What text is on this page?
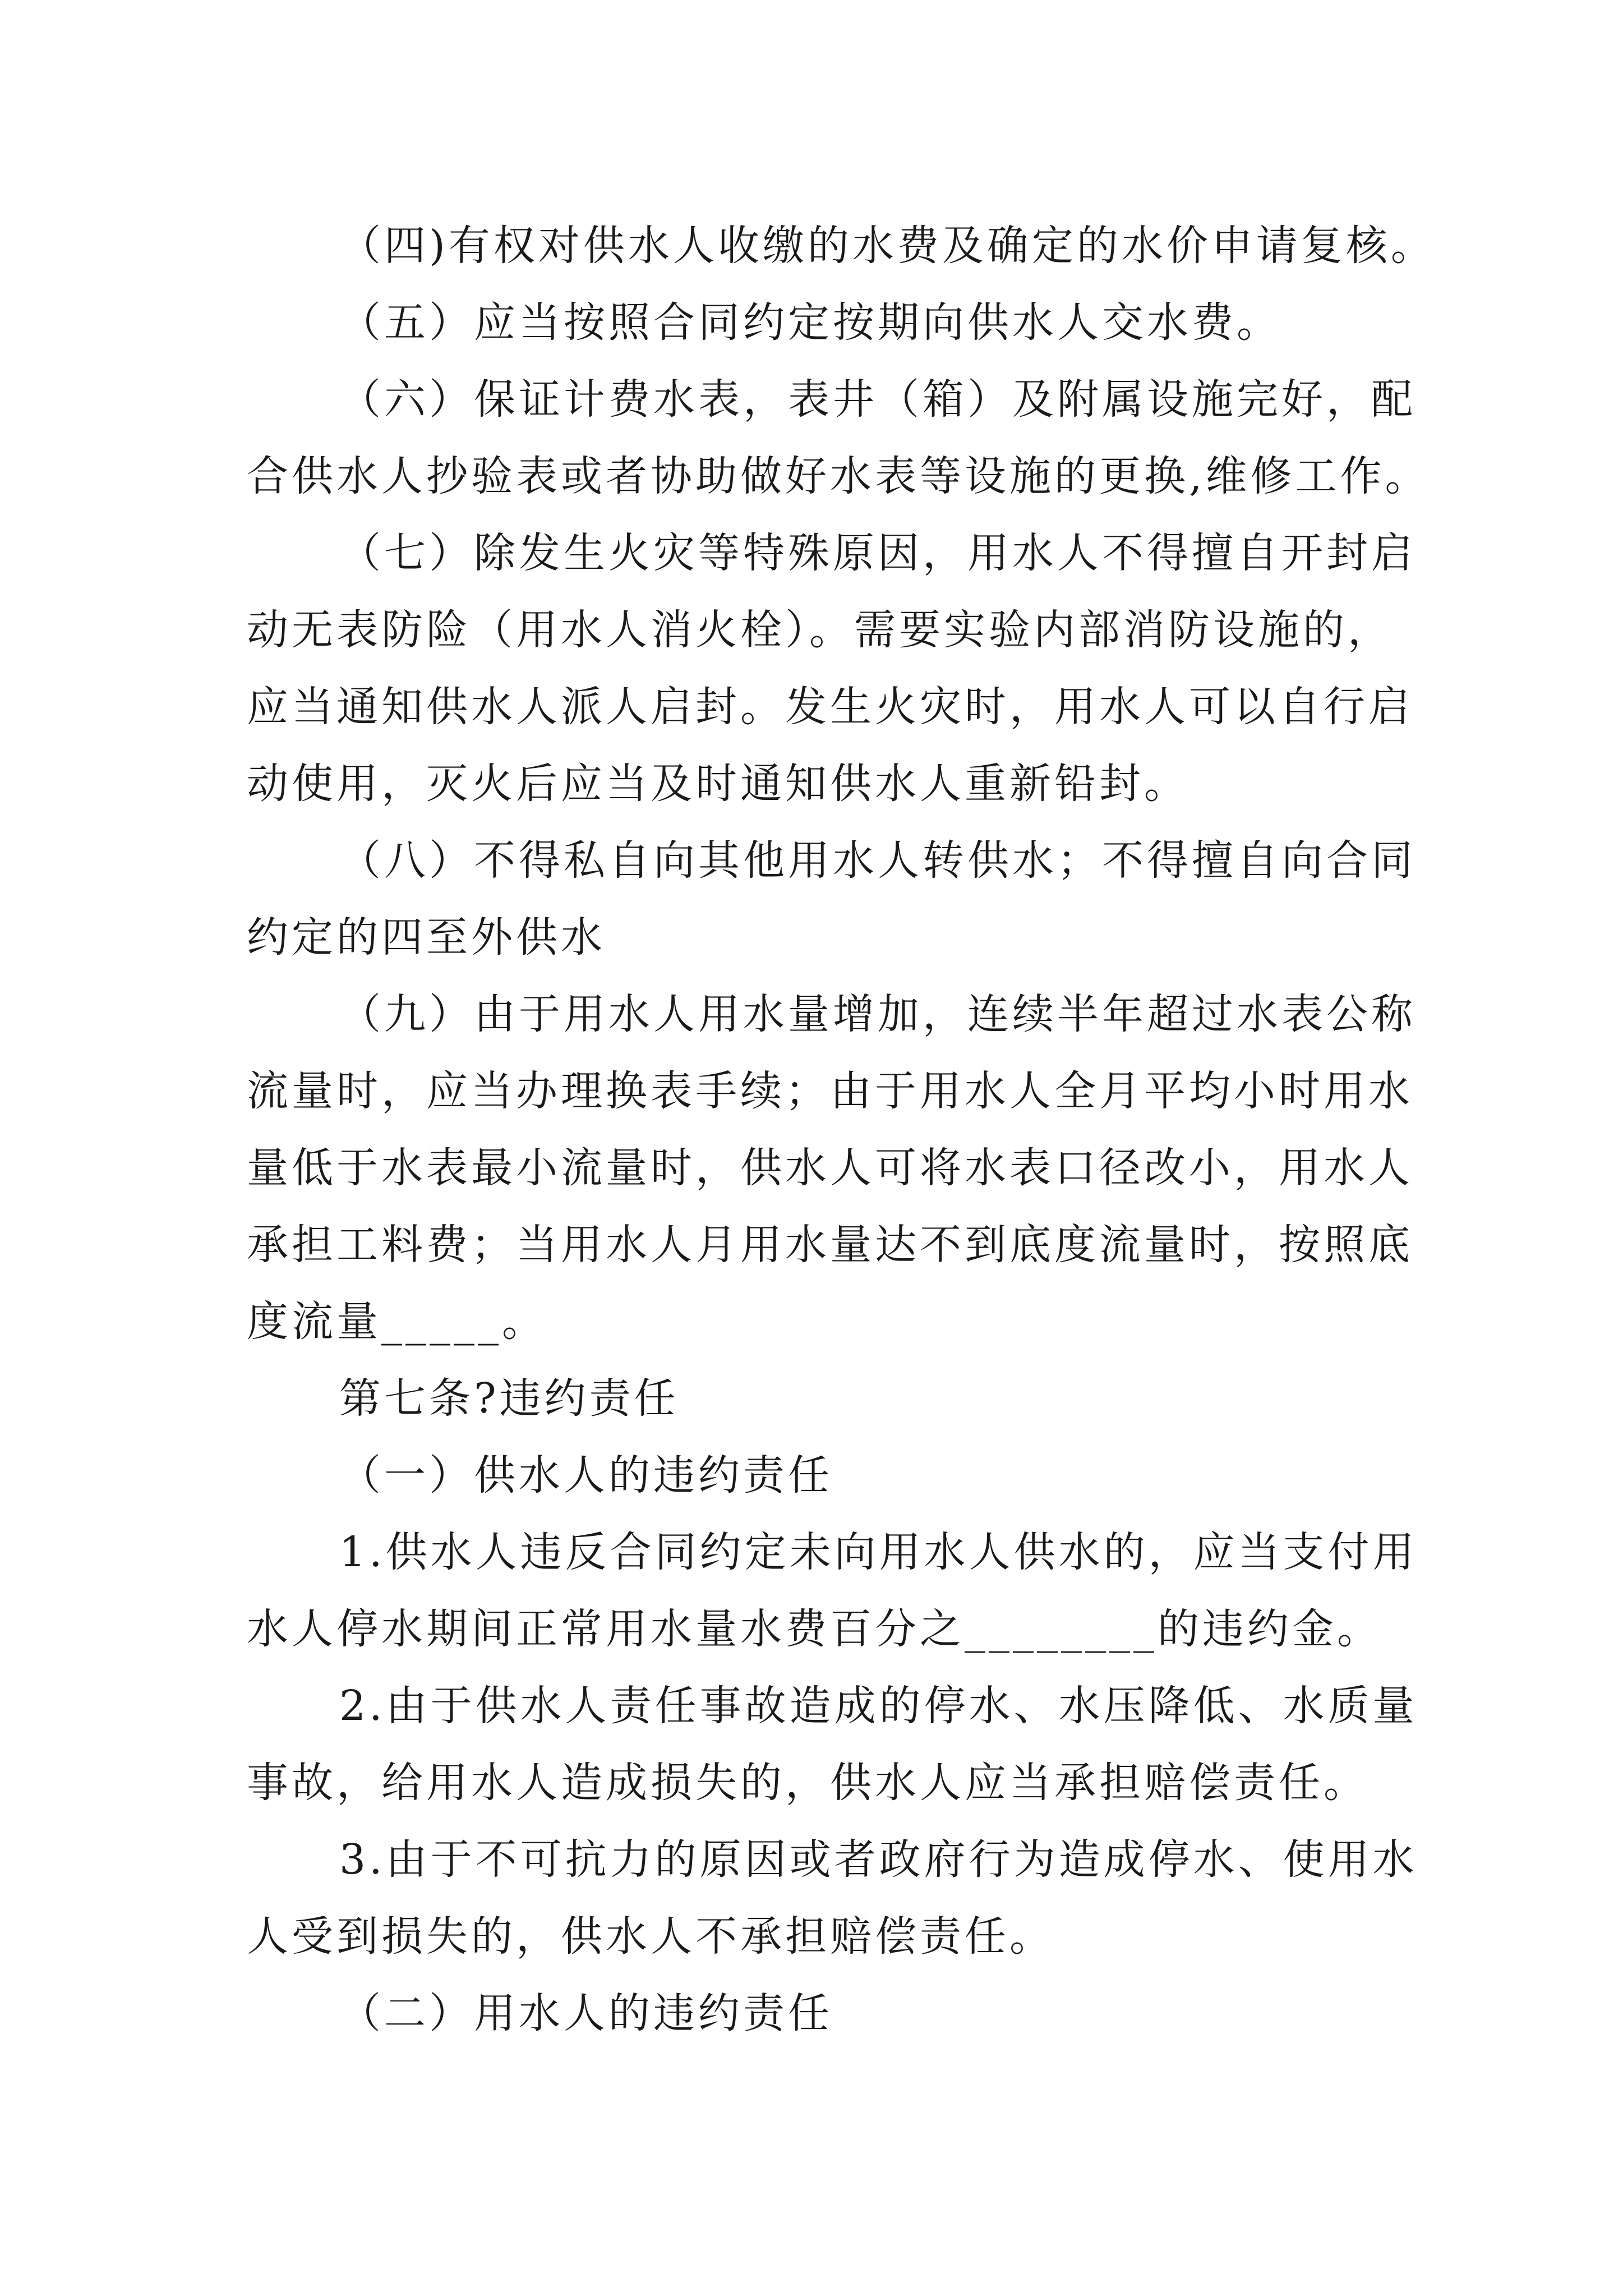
（四)有权对供水人收缴的水费及确定的水价申请复核。
（五）应当按照合同约定按期向供水人交水费。
（六）保证计费水表，表井（箱）及附属设施完好，配
合供水人抄验表或者协助做好水表等设施的更换,维修工作。
（七）除发生火灾等特殊原因，用水人不得擅自开封启
动无表防险（用水人消火栓）。需要实验内部消防设施的，
应当通知供水人派人启封。发生火灾时，用水人可以自行启
动使用，灭火后应当及时通知供水人重新铅封。
（八）不得私自向其他用水人转供水；不得擅自向合同
约定的四至外供水
（九）由于用水人用水量增加，连续半年超过水表公称
流量时，应当办理换表手续；由于用水人全月平均小时用水
量低于水表最小流量时，供水人可将水表口径改小，用水人
承担工料费；当用水人月用水量达不到底度流量时，按照底
度流量_____。
第七条?违约责任
（一）供水人的违约责任
1.供水人违反合同约定未向用水人供水的，应当支付用
水人停水期间正常用水量水费百分之________的违约金。
2.由于供水人责任事故造成的停水、水压降低、水质量
事故，给用水人造成损失的，供水人应当承担赔偿责任。
3.由于不可抗力的原因或者政府行为造成停水、使用水
人受到损失的，供水人不承担赔偿责任。
（二）用水人的违约责任
